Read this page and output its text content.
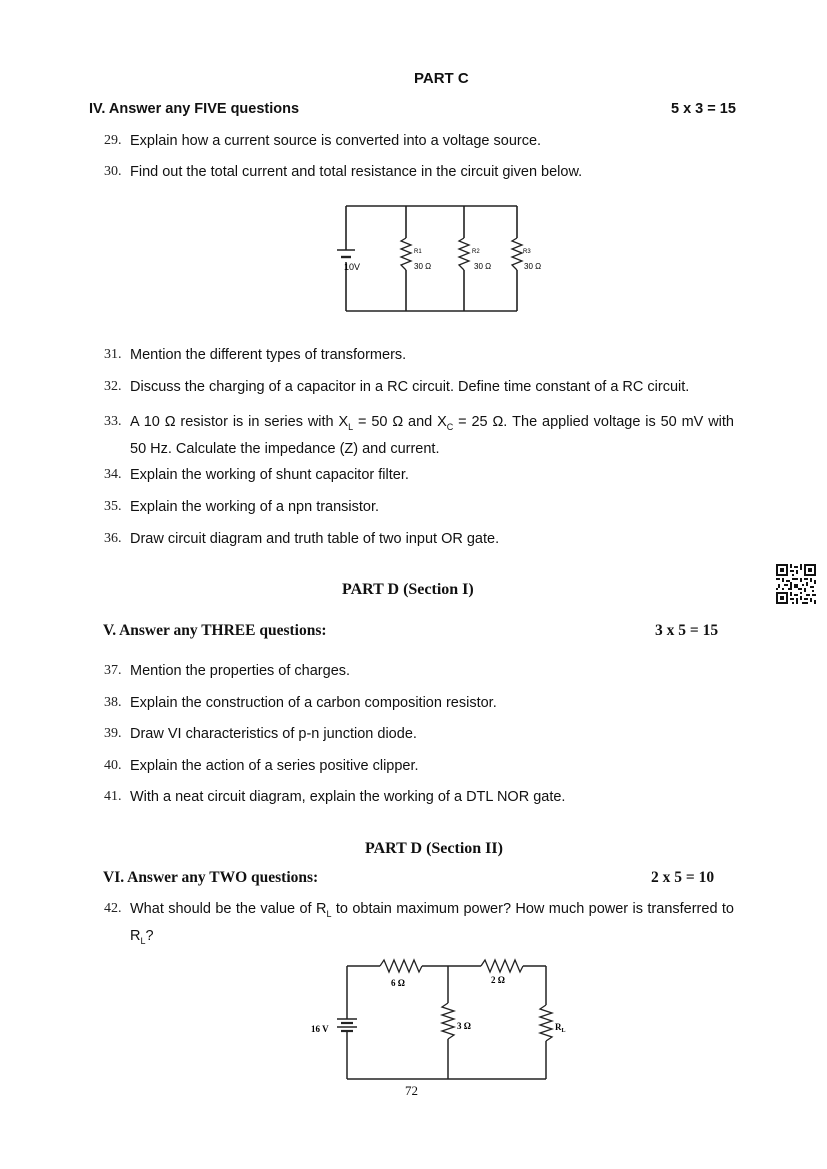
PART C
IV. Answer any FIVE questions	5 x 3 = 15
29. Explain how a current source is converted into a voltage source.
30. Find out the total current and total resistance in the circuit given below.
10V
R1	R2	R3
30 Ω	30 Ω	30 Ω
31. Mention the different types of transformers.
32. Discuss the charging of a capacitor in a RC circuit. Define time constant of a RC circuit.
33. A 10 Ω resistor is in series with $X_L = 50$ Ω and $X_C = 25$ Ω. The applied voltage is 50 mV with 50 Hz. Calculate the impedance (Z) and current.
34. Explain the working of shunt capacitor filter.
35. Explain the working of a npn transistor.
36. Draw circuit diagram and truth table of two input OR gate.
PART D (Section I)
V. Answer any THREE questions:	3 x 5 = 15
37. Mention the properties of charges.
38. Explain the construction of a carbon composition resistor.
39. Draw VI characteristics of p-n junction diode.
40. Explain the action of a series positive clipper.
41. With a neat circuit diagram, explain the working of a DTL NOR gate.
PART D (Section II)
VI. Answer any TWO questions:	2 x 5 = 10
42. What should be the value of $R_L$ to obtain maximum power? How much power is transferred to $R_L$?
16 V
6 Ω	2 Ω
3 Ω	$R_L$
72
